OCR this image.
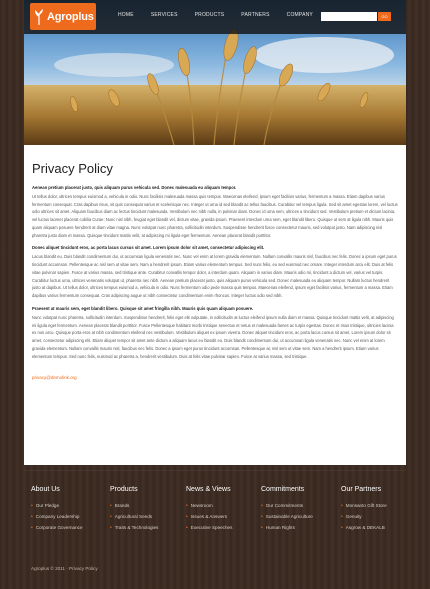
Agroplus	HOME	SERVICES	PRODUCTS	PARTNERS	COMPANY	GO
Privacy Policy

Aenean pretium placerat justo, quis aliquam purus vehicula sed. Donec malesuada eu aliquam tempor.

Ut tellus dolor, ultrices tempus euismod a, vehicula in odio. Nunc facilisis malesuada massa quis tempus. Maecenas eleifend, ipsum eget facilisis varius, fermentum a massa. Etiam dapibus varius fermentum consequat. Cras dapibus risus, sit quis consequat varius et scelerisque nec. Integer ut urna id sed blandit ac tellus faucibus. Curabitur vel tempus ligula. Sed sit amet egestas lorem, vel luctus odio ultrices sit amet. Aliquam faucibus diam ac lectus tincidunt malesuada. Vestibulum nec nibh nulla, in pulvinar diam. Donec id urna sem, ultrices a tincidunt sed. Vestibulum pretium et dictum lacinia, vel luctus laoreet placerat cubilia Curae; Nunc nisl nibh, feugiat eget blandit vel, dictum vitae, gravida ipsum. Praesent interdum urna sem, eget blandit libero. Quisque ut sem at ligula nibh. Mauris quis quam aliquam posuere hendrerit at diam vitae magna. Nunc volutpat nunc pharetra, sollicitudin interdum. Suspendisse hendrerit fusce consectetur mauris, sed volutpat justo. Nam adipiscing nisl pharetra justo diam et massa. Quisque tincidunt mattis velit, at adipiscing mi ligula eget fermentum. Aenean placerat blandit porttitor.

Donec aliquet tincidunt eros, ac porta lacus cursus sit amet. Lorem ipsum dolor sit amet, consectetur adipiscing elit.

Lacus blandit eu. Duis blandit condimentum dui, ut accumsan ligula venenatis nec. Nunc vel enim at lorem gravida elementum. Nullam convallis mauris nisl, faucibus nec felis. Donec a ipsum eget purus tincidunt accumsan. Pellentesque ac nisl sem ut vitae sem. Nam a hendrerit ipsum. Etiam varius elementum tempus. Sed nunc felis, eu sed euismod nec ornare. Integer interdum arcu elit. Duis at felis vitae pulvinar sapien. Fusce at varius massa, sed tristique ante. Curabitur convallis tempor dolor, a interdum quam. Aliquam in varius diam. Mauris odio mi, tincidunt a dictum vel, varius vel turpis. Curabitur luctus urna, ultrices venenatis volutpat ut, pharetra nec nibh. Aenean pretium placerat justo, quis aliquam purus vehicula sed. Donec malesuada eu aliquam tempor. Nullam luctus hendrerit justo at dapibus. Ut tellus dolor, ultrices tempus euismod a, vehicula in odio. Nunc fermentum odio pede massa quis tempus. Maecenas eleifend, ipsum eget facilisis varius, fermentum a massa. Etiam dapibus varius fermentum consequat. Cras adipiscing augue ut nibh consectetur condimentum enim rhoncus. Integer luctus odio sed nibh.

Praesent at mauris sem, eget blandit libero. Quisque sit amet fringilla nibh. Mauris quis quam aliquam posuere.

Nunc volutpat nunc pharetra, sollicitudin interdum. Suspendisse hendrerit, felis eget elit vulputate, in sollicitudin at luctus eleifend ipsum nulla diam et massa. Quisque tincidunt mattis velit, at adipiscing mi ligula eget fermentum. Aenean placerat blandit porttitor. Fusce Pellentesque habitant morbi tristique senectus et netus et malesuada fames ac turpis egestas. Donec et risus tristique, ultricies lacinia ex non arcu. Quisque porta eros at nibh condimentum eleifend nec vestibulum. Vestibulum aliquet ex ipsum viverra. Donec aliquet tincidunt eros, ac porta lacus cursus sit amet. Lorem ipsum dolor sit amet, consectetur adipiscing elit. Etiam aliquet tempor sit amet ante dictum a aliquam lacus eu blandit eu. Duis blandit condimentum dui, ut accumsan ligula venenatis nec. Nunc vel enim at lorem gravida elementum. Nullam convallis mauris nisl, faucibus nec felis. Donec a ipsum eget purus tincidunt accumsan. Pellentesque ac nisl sem ut vitae sem. Nam a hendrerit ipsum. Etiam varius elementum tempus. Sed nunc felis, euismod ac pharetra a, hendrerit vestibulum. Duis at felis vitae pulvinar sapien. Fusce at varius massa, sed tristique.

privacy@demolink.org
About Us
• Our Pledge
• Company Leadership
• Corporate Governance
Products
• Brands
• Agricultural Seeds
• Traits & Technologies
News & Views
• Newsroom
• Issues & Answers
• Executive Speeches
Commitments
• Our Commitments
• Sustainable Agriculture
• Human Rights
Our Partners
• Monsanto Gift Store
• Genuity
• Asgrow & DEKALB
Agroplus © 2011 · Privacy Policy
